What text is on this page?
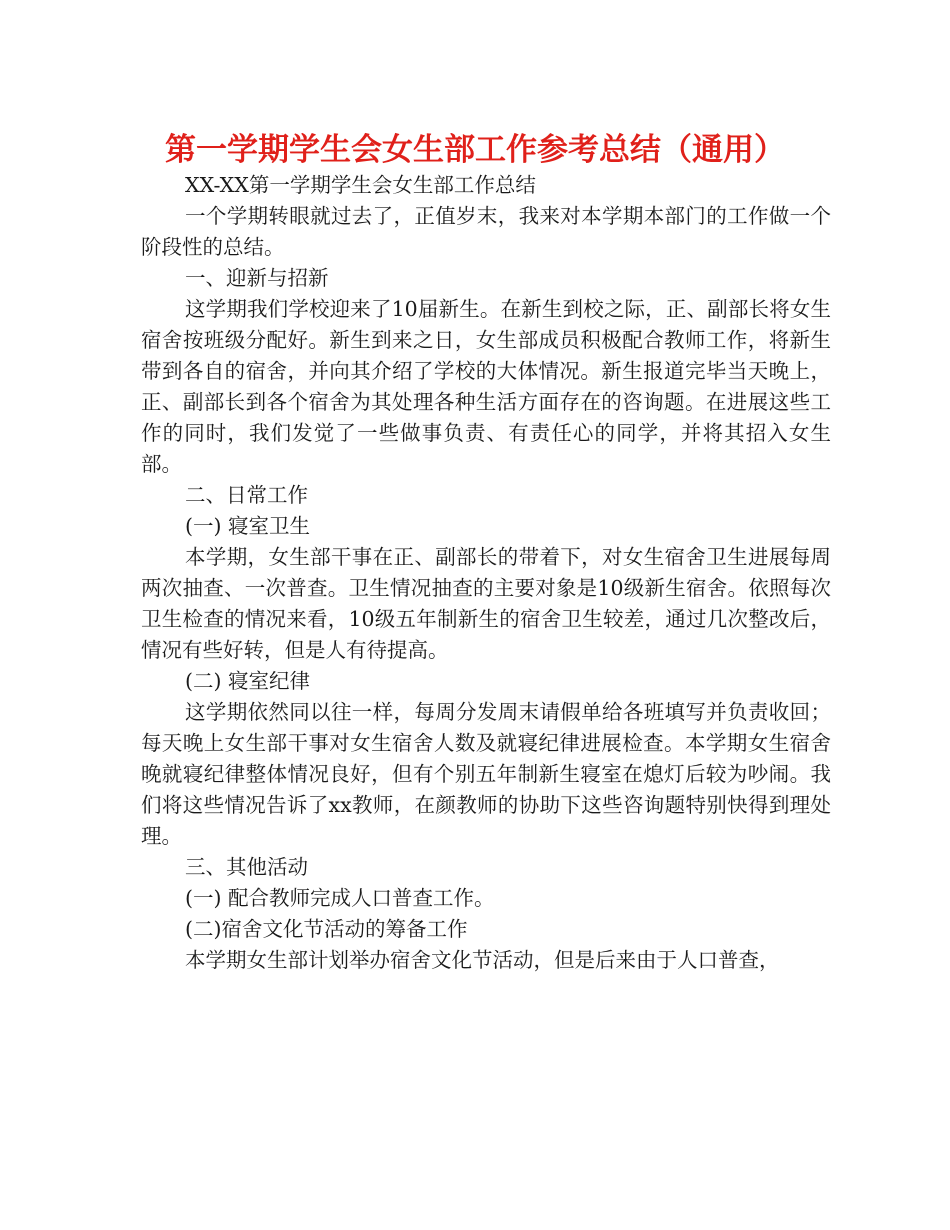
第一学期学生会女生部工作参考总结（通用）

XX-XX第一学期学生会女生部工作总结

一个学期转眼就过去了，正值岁末，我来对本学期本部门的工作做一个阶段性的总结。

一、迎新与招新

这学期我们学校迎来了10届新生。在新生到校之际，正、副部长将女生宿舍按班级分配好。新生到来之日，女生部成员积极配合教师工作，将新生带到各自的宿舍，并向其介绍了学校的大体情况。新生报道完毕当天晚上，正、副部长到各个宿舍为其处理各种生活方面存在的咨询题。在进展这些工作的同时，我们发觉了一些做事负责、有责任心的同学，并将其招入女生部。

二、日常工作

(一) 寝室卫生

本学期，女生部干事在正、副部长的带着下，对女生宿舍卫生进展每周两次抽查、一次普查。卫生情况抽查的主要对象是10级新生宿舍。依照每次卫生检查的情况来看，10级五年制新生的宿舍卫生较差，通过几次整改后，情况有些好转，但是人有待提高。

(二) 寝室纪律

这学期依然同以往一样，每周分发周末请假单给各班填写并负责收回；每天晚上女生部干事对女生宿舍人数及就寝纪律进展检查。本学期女生宿舍晚就寝纪律整体情况良好，但有个别五年制新生寝室在熄灯后较为吵闹。我们将这些情况告诉了xx教师，在颜教师的协助下这些咨询题特别快得到理处理。

三、其他活动

(一) 配合教师完成人口普查工作。

(二)宿舍文化节活动的筹备工作

本学期女生部计划举办宿舍文化节活动，但是后来由于人口普查，
